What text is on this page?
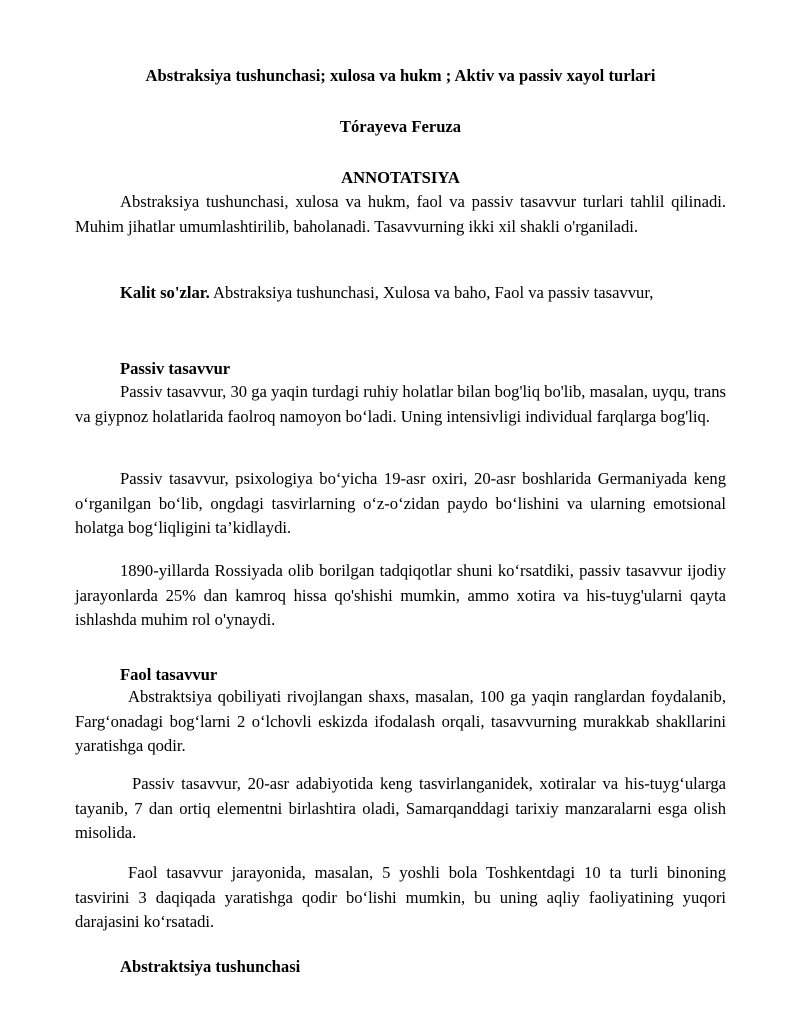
Abstraksiya tushunchasi; xulosa va hukm ; Aktiv va passiv xayol turlari

Tórayeva Feruza

ANNOTATSIYA

Abstraksiya tushunchasi, xulosa va hukm, faol va passiv tasavvur turlari tahlil qilinadi. Muhim jihatlar umumlashtirilib, baholanadi. Tasavvurning ikki xil shakli o'rganiladi.

Kalit so'zlar. Abstraksiya tushunchasi, Xulosa va baho, Faol va passiv tasavvur,

Passiv tasavvur

Passiv tasavvur, 30 ga yaqin turdagi ruhiy holatlar bilan bog'liq bo'lib, masalan, uyqu, trans va giypnoz holatlarida faolroq namoyon bo‘ladi. Uning intensivligi individual farqlarga bog'liq.

Passiv tasavvur, psixologiya bo‘yicha 19-asr oxiri, 20-asr boshlarida Germaniyada keng o‘rganilgan bo‘lib, ongdagi tasvirlarning o‘z-o‘zidan paydo bo‘lishini va ularning emotsional holatga bog‘liqligini ta’kidlaydi.

1890-yillarda Rossiyada olib borilgan tadqiqotlar shuni ko‘rsatdiki, passiv tasavvur ijodiy jarayonlarda 25% dan kamroq hissa qo'shishi mumkin, ammo xotira va his-tuyg'ularni qayta ishlashda muhim rol o'ynaydi.

Faol tasavvur

Abstraktsiya qobiliyati rivojlangan shaxs, masalan, 100 ga yaqin ranglardan foydalanib, Farg‘onadagi bog‘larni 2 o‘lchovli eskizda ifodalash orqali, tasavvurning murakkab shakllarini yaratishga qodir.

Passiv tasavvur, 20-asr adabiyotida keng tasvirlanganidek, xotiralar va his-tuyg‘ularga tayanib, 7 dan ortiq elementni birlashtira oladi, Samarqanddagi tarixiy manzaralarni esga olish misolida.

Faol tasavvur jarayonida, masalan, 5 yoshli bola Toshkentdagi 10 ta turli binoning tasvirini 3 daqiqada yaratishga qodir bo‘lishi mumkin, bu uning aqliy faoliyatining yuqori darajasini ko‘rsatadi.

Abstraktsiya tushunchasi
